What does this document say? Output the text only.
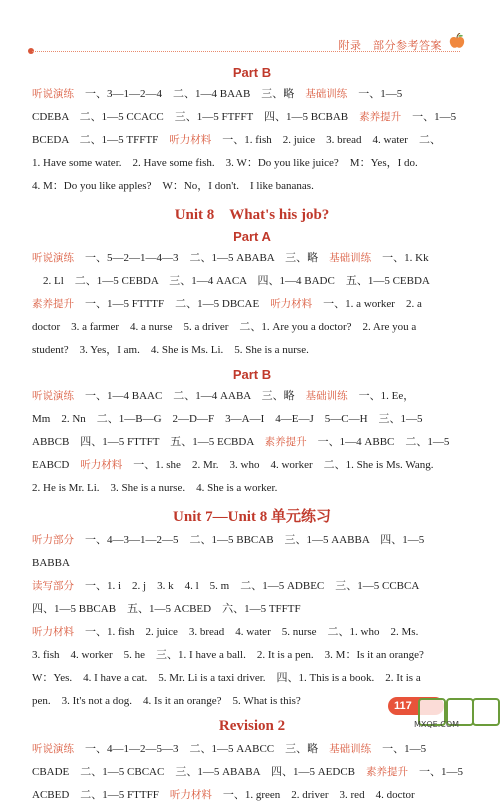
附录　部分参考答案
Part B
听说演练　一、3—1—2—4　二、1—4 BAAB　三、略　基础训练　一、1—5
CDEBA　二、1—5 CCACC　三、1—5 FTFFT　四、1—5 BCBAB　素养提升　一、1—5
BCEDA　二、1—5 TFFTF　听力材料　一、1. fish　2. juice　3. bread　4. water　二、
1. Have some water.　2. Have some fish.　3. W：Do you like juice?　M：Yes，I do.
4. M：Do you like apples?　W：No，I don't.　I like bananas.
Unit 8　What's his job?
Part A
听说演练　一、5—2—1—4—3　二、1—5 ABABA　三、略　基础训练　一、1. Kk
　2. Ll　二、1—5 CEBDA　三、1—4 AACA　四、1—4 BADC　五、1—5 CEBDA
素养提升　一、1—5 FTTTF　二、1—5 DBCAE　听力材料　一、1. a worker　2. a
doctor　3. a farmer　4. a nurse　5. a driver　二、1. Are you a doctor?　2. Are you a
student?　3. Yes，I am.　4. She is Ms. Li.　5. She is a nurse.
Part B
听说演练　一、1—4 BAAC　二、1—4 AABA　三、略　基础训练　一、1. Ee，
Mm　2. Nn　二、1—B—G　2—D—F　3—A—I　4—E—J　5—C—H　三、1—5
ABBCB　四、1—5 FTTFT　五、1—5 ECBDA　素养提升　一、1—4 ABBC　二、1—5
EABCD　听力材料　一、1. she　2. Mr.　3. who　4. worker　二、1. She is Ms. Wang.
2. He is Mr. Li.　3. She is a nurse.　4. She is a worker.
Unit 7—Unit 8 单元练习
听力部分　一、4—3—1—2—5　二、1—5 BBCAB　三、1—5 AABBA　四、1—5
BABBA
读写部分　一、1. i　2. j　3. k　4. l　5. m　二、1—5 ADBEC　三、1—5 CCBCA
四、1—5 BBCAB　五、1—5 ACBED　六、1—5 TFFTF
听力材料　一、1. fish　2. juice　3. bread　4. water　5. nurse　二、1. who　2. Ms.
3. fish　4. worker　5. he　三、1. I have a ball.　2. It is a pen.　3. M：Is it an orange?
W：Yes.　4. I have a cat.　5. Mr. Li is a taxi driver.　四、1. This is a book.　2. It is a
pen.　3. It's not a dog.　4. Is it an orange?　5. What is this?
Revision 2
听说演练　一、4—1—2—5—3　二、1—5 AABCC　三、略　基础训练　一、1—5
CBADE　二、1—5 CBCAC　三、1—5 ABABA　四、1—5 AEDCB　素养提升　一、1—5
ACBED　二、1—5 FTTFF　听力材料　一、1. green　2. driver　3. red　4. doctor
117
MXQE.COM
